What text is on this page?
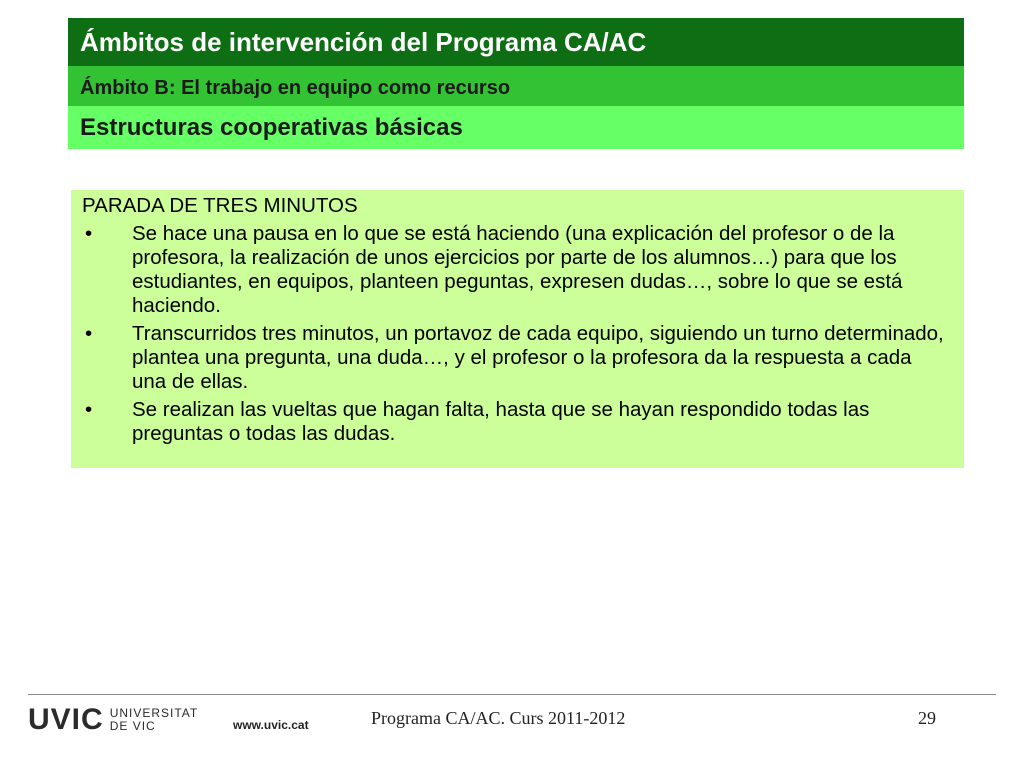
Ámbitos de intervención del Programa CA/AC
Ámbito B: El trabajo en equipo como recurso
Estructuras cooperativas básicas
PARADA DE TRES MINUTOS
• Se hace una pausa en lo que se está haciendo (una explicación del profesor o de la profesora, la realización de unos ejercicios por parte de los alumnos…) para que los estudiantes, en equipos, planteen peguntas, expresen dudas…, sobre lo que se está haciendo.
• Transcurridos tres minutos, un portavoz de cada equipo, siguiendo un turno determinado, plantea una pregunta, una duda…, y el profesor o la profesora da la respuesta a cada una de ellas.
• Se realizan las vueltas que hagan falta, hasta que se hayan respondido todas las preguntas o todas las dudas.
UVIC UNIVERSITAT
DE VIC	www.uvic.cat	Programa CA/AC. Curs 2011-2012	29
